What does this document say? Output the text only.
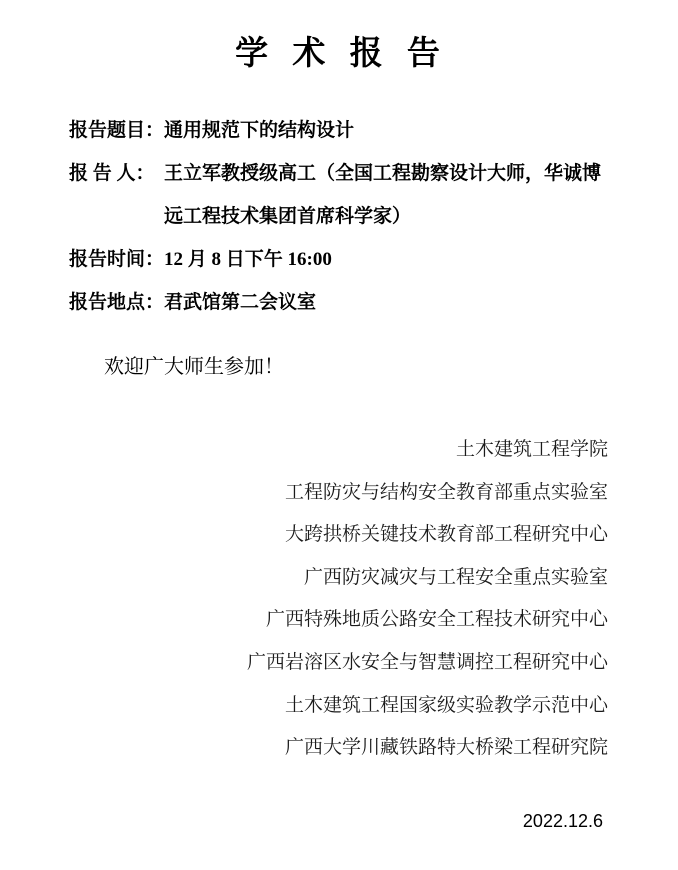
学 术 报 告
报告题目： 通用规范下的结构设计
报 告 人： 王立军教授级高工（全国工程勘察设计大师，华诚博
远工程技术集团首席科学家）
报告时间： 12 月 8 日下午 16:00
报告地点： 君武馆第二会议室
欢迎广大师生参加！
土木建筑工程学院
工程防灾与结构安全教育部重点实验室
大跨拱桥关键技术教育部工程研究中心
广西防灾减灾与工程安全重点实验室
广西特殊地质公路安全工程技术研究中心
广西岩溶区水安全与智慧调控工程研究中心
土木建筑工程国家级实验教学示范中心
广西大学川藏铁路特大桥梁工程研究院
2022.12.6
